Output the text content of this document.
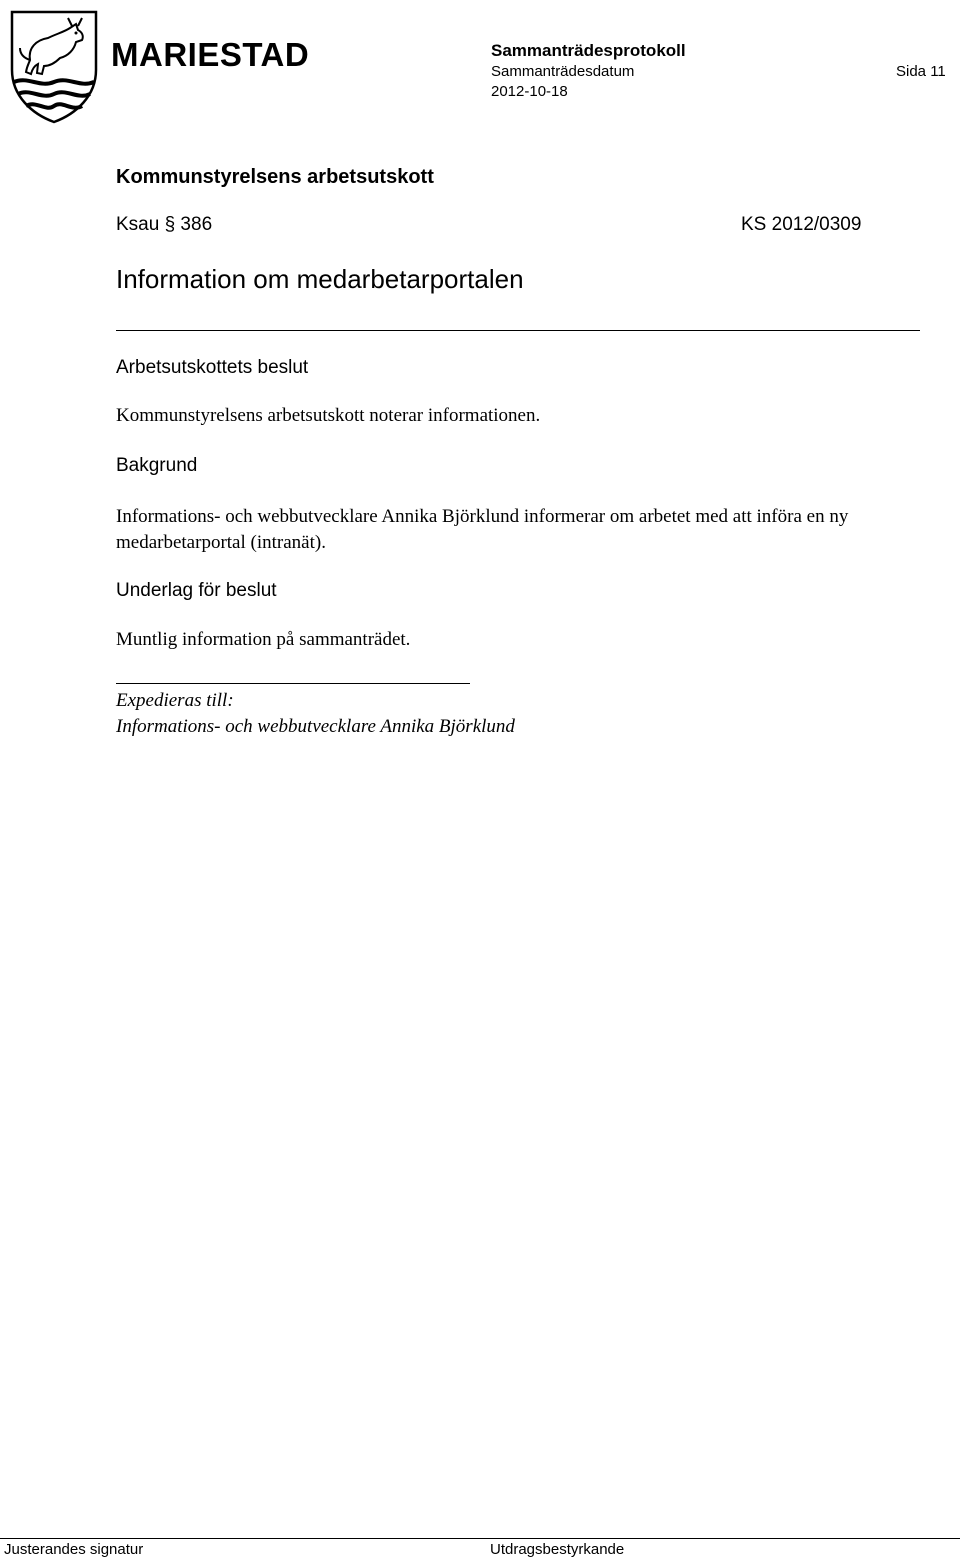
MARIESTAD	Sammanträdesprotokoll
Sammanträdesdatum
2012-10-18
Sida 11
Kommunstyrelsens arbetsutskott
Ksau § 386	KS 2012/0309
Information om medarbetarportalen
Arbetsutskottets beslut
Kommunstyrelsens arbetsutskott noterar informationen.
Bakgrund
Informations- och webbutvecklare Annika Björklund informerar om arbetet med att införa en ny medarbetarportal (intranät).
Underlag för beslut
Muntlig information på sammanträdet.
Expedieras till:
Informations- och webbutvecklare Annika Björklund
Justerandes signatur	Utdragsbestyrkande
